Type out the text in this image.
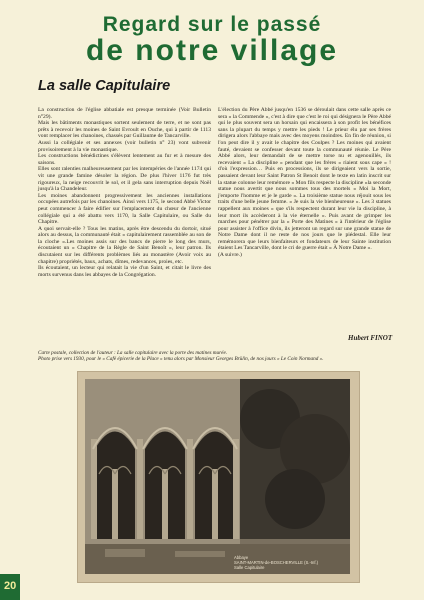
Regard sur le passé
de notre village
La salle Capitulaire

La construction de l'église abbatiale est presque terminée (Voir Bulletin n°29).

Mais les bâtiments monastiques sortent seulement de terre, et ne sont pas prêts à recevoir les moines de Saint Evroult en Ouche, qui à partir de 1113 vont remplacer les chanoines, chassés par Guillaume de Tancarville.

Aussi la collégiale et ses annexes (voir bulletin n° 23) vont subvenir provisoirement à la vie monastique.

Les constructions bénédictines s'élèvent lentement au fur et à mesure des saisons.

Elles sont ralenties malheureusement par les intempéries de l'année 1174 qui vit une grande famine désoler la région. De plus l'hiver 1176 fut très rigoureux, la neige recouvrit le sol, et il gela sans interruption depuis Noël jusqu'à la Chandeleur.

Les moines abandonnent progressivement les anciennes installations occupées autrefois par les chanoines. Ainsi vers 1175, le second Abbé Victor peut commencer à faire édifier sur l'emplacement du chœur de l'ancienne collégiale qui a été abattu vers 1170, la Salle Capitulaire, ou Salle du Chapitre.

A quoi servait-elle ? Tous les matins, après être descendu du dortoir, situé alors au dessus, la communauté était « capitulairement rassemblée au son de la cloche «.Les moines assis sur des bancs de pierre le long des murs, écoutaient un « Chapitre de la Règle de Saint Benoît », leur patron. Ils discutaient sur les différents problèmes liés au monastère (Avoir voix au chapitre) propriétés, baux, achats, dîmes, redevances, proies, etc.

Ils écoutaient, un lecteur qui relatait la vie d'un Saint, et citait le livre des morts survenus dans les abbayes de la Congrégation.

L'élection du Père Abbé jusqu'en 1536 se déroulait dans cette salle après ce sera « la Commende », c'est à dire que c'est le roi qui désignera le Père Abbé qui le plus souvent sera un horsain qui encaissera à son profit les bénéfices sans la plupart du temps y mettre les pieds ! Le prieur élu par ses frères dirigera alors l'abbaye mais avec des moyens moindres. En fin de réunion, si l'on peut dire il y avait le chapitre des Coulpes ? Les moines qui avaient fauté, devaient se confesser devant toute la communauté réunie. Le Père Abbé alors, leur demandait de se mettre torse nu et agenouillés, ils recevaient « La discipline » pendant que les frères « riaient sous cape » ! d'où l'expression… Puis en processions, ils se dirigeaient vers la sortie, passaient devant leur Saint Patron St Benoit dont le texte en latin inscrit sur la statue colonne leur remémore « Mon fils respecte la discipline »la seconde statue nous avertit que nous sommes tous des mortels « Moi la Mort, j'emporte l'homme et je le garde ». La troisième statue nous réjouit sous les traits d'une belle jeune femme. « Je suis la vie bienheureuse ». Les 3 statues rappellent aux moines « que s'ils respectent durant leur vie la discipline, à leur mort ils accèderont à la vie éternelle ». Puis avant de grimper les marches pour pénétrer par la « Porte des Matines » à l'intérieur de l'église pour assister à l'office divin, ils jetteront un regard sur une grande statue de Notre Dame dont il ne reste de nos jours que le piédestal. Elle leur remémorera que leurs bienfaiteurs et fondateurs de leur Sainte institution étaient Les Tancarville, dont le cri de guerre était « À Notre Dame ».

(A suivre.)

Hubert FINOT

Carte postale, collection de l'auteur : La salle capitulaire avec la porte des matines murée.

Photo prise vers 1930, pour le « Café épicerie de la Place » tenu alors par Monsieur Georges Brülin, de nos jours « Le Coin Normand ».

Abbaye
SAINT-MARTIN-de-BOSCHERVILLE (S.-Inf.)
Salle Capitulaire
20
